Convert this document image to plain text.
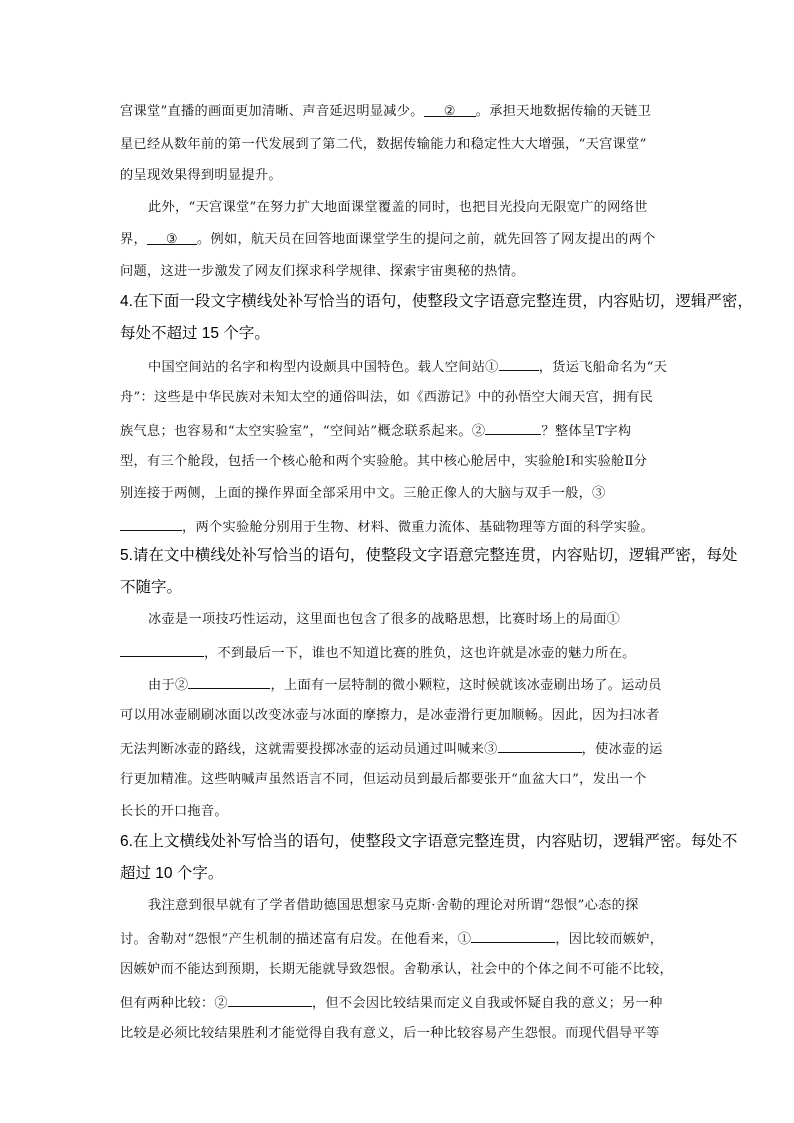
宫课堂”直播的画面更加清晰、声音延迟明显减少。 ② 。承担天地数据传输的天链卫
星已经从数年前的第一代发展到了第二代，数据传输能力和稳定性大大增强，“天宫课堂”
的呈现效果得到明显提升。
此外，“天宫课堂”在努力扩大地面课堂覆盖的同时，也把目光投向无限宽广的网络世
界， ③ 。例如，航天员在回答地面课堂学生的提问之前，就先回答了网友提出的两个
问题，这进一步激发了网友们探求科学规律、探索宇宙奥秘的热情。
4.在下面一段文字横线处补写恰当的语句，使整段文字语意完整连贯，内容贴切，逻辑严密，
每处不超过 15 个字。
中国空间站的名字和构型内设颇具中国特色。载人空间站①	，货运飞船命名为“天
舟”：这些是中华民族对未知太空的通俗叫法，如《西游记》中的孙悟空大闹天宫，拥有民
族气息；也容易和“太空实验室”，“空间站”概念联系起来。②	？整体呈T字构
型，有三个舱段，包括一个核心舱和两个实验舱。其中核心舱居中，实验舱Ⅰ和实验舱Ⅱ分
别连接于两侧，上面的操作界面全部采用中文。三舱正像人的大脑与双手一般，③
，两个实验舱分别用于生物、材料、微重力流体、基础物理等方面的科学实验。
5.请在文中横线处补写恰当的语句，使整段文字语意完整连贯，内容贴切，逻辑严密，每处
不随字。
冰壶是一项技巧性运动，这里面也包含了很多的战略思想，比赛时场上的局面①
，不到最后一下，谁也不知道比赛的胜负，这也许就是冰壶的魅力所在。
由于②	，上面有一层特制的微小颗粒，这时候就该冰壶刷出场了。运动员
可以用冰壶刷刷冰面以改变冰壶与冰面的摩擦力，是冰壶滑行更加顺畅。因此，因为扫冰者
无法判断冰壶的路线，这就需要投掷冰壶的运动员通过叫喊来③	，使冰壶的运
行更加精准。这些呐喊声虽然语言不同，但运动员到最后都要张开“血盆大口”，发出一个
长长的开口拖音。
6.在上文横线处补写恰当的语句，使整段文字语意完整连贯，内容贴切，逻辑严密。每处不
超过 10 个字。
我注意到很早就有了学者借助德国思想家马克斯·舍勒的理论对所谓“怨恨”心态的探
讨。舍勒对“怨恨”产生机制的描述富有启发。在他看来，①	，因比较而嫉妒，
因嫉妒而不能达到预期，长期无能就导致怨恨。舍勒承认，社会中的个体之间不可能不比较，
但有两种比较：②	，但不会因比较结果而定义自我或怀疑自我的意义；另一种
比较是必须比较结果胜利才能觉得自我有意义，后一种比较容易产生怨恨。而现代倡导平等
